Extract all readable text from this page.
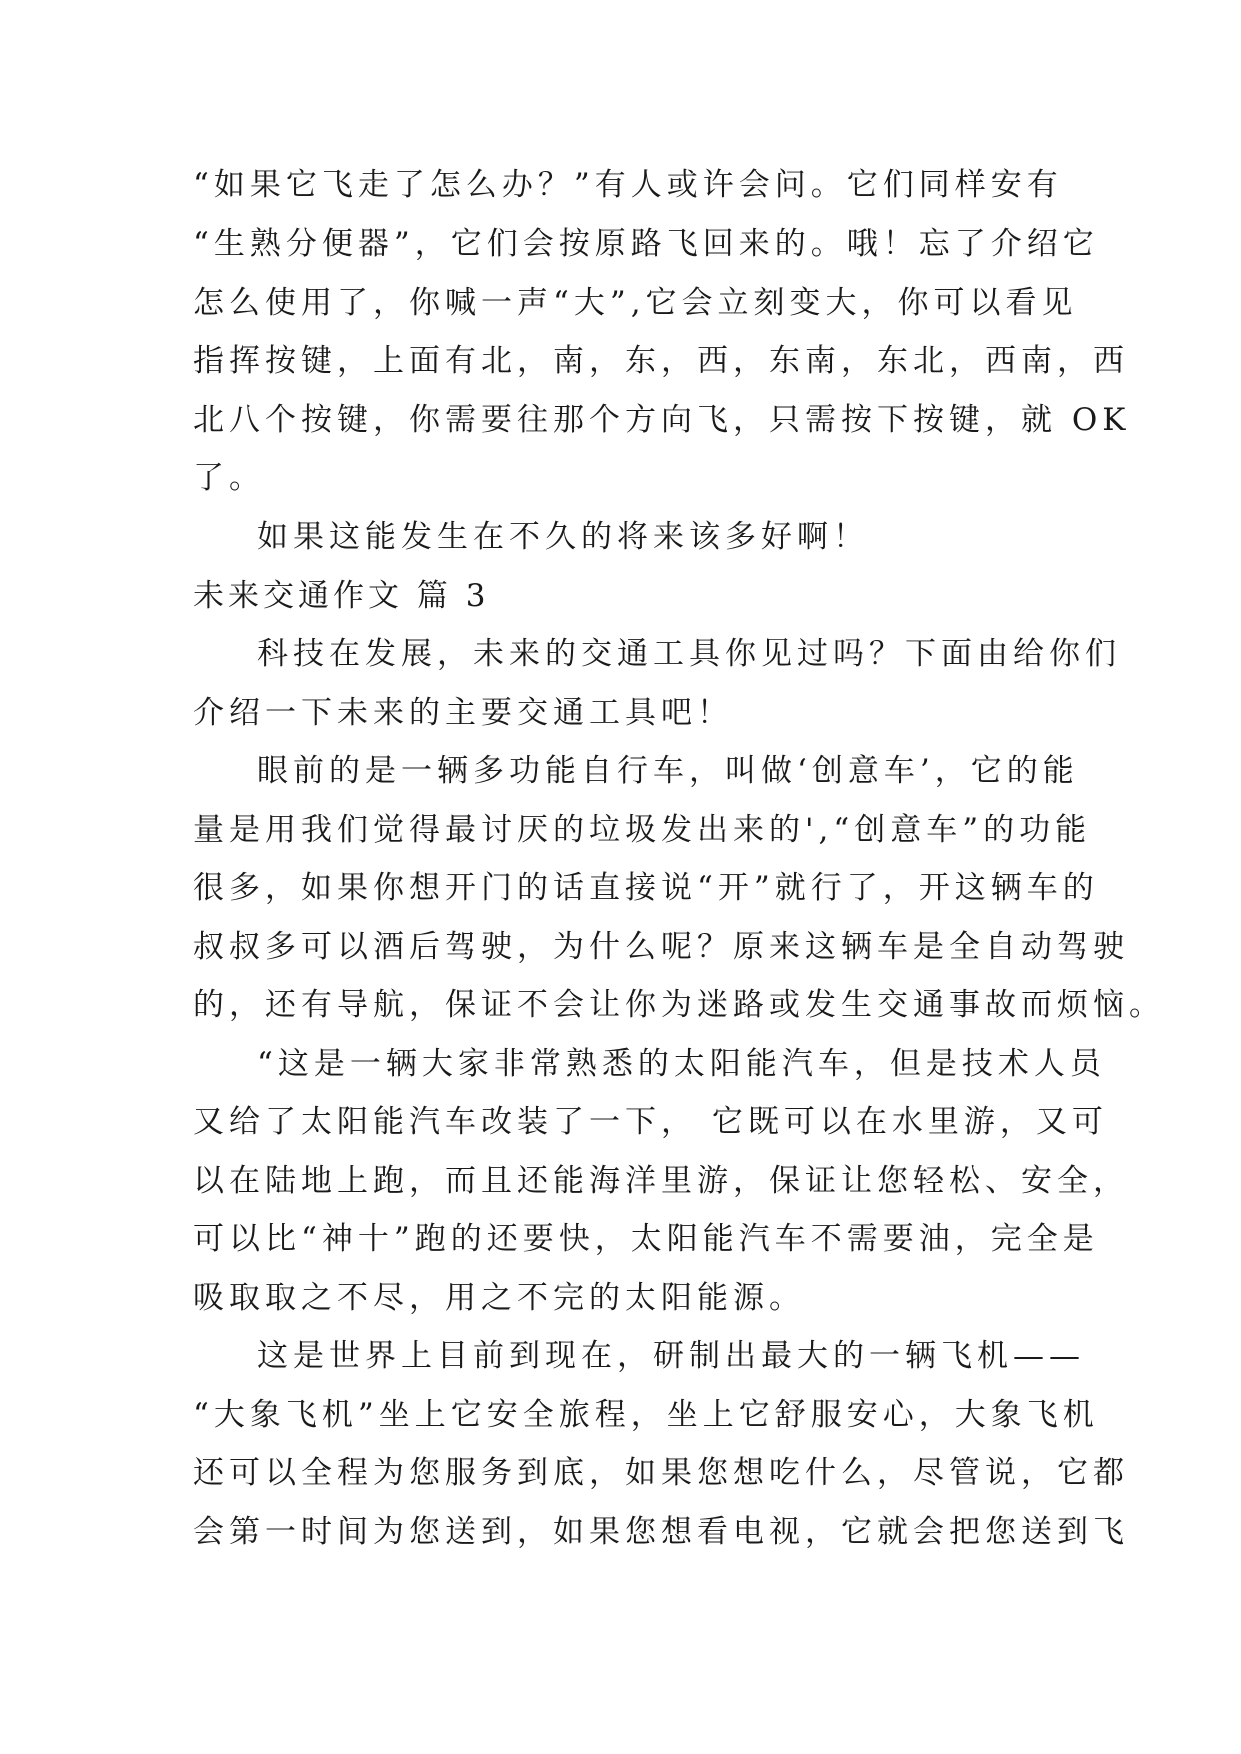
“如果它飞走了怎么办？”有人或许会问。它们同样安有
“生熟分便器”，它们会按原路飞回来的。哦！忘了介绍它
怎么使用了，你喊一声“大”,它会立刻变大，你可以看见
指挥按键，上面有北，南，东，西，东南，东北，西南，西
北八个按键，你需要往那个方向飞，只需按下按键，就 OK
了。
如果这能发生在不久的将来该多好啊！
未来交通作文 篇 3
科技在发展，未来的交通工具你见过吗？下面由给你们
介绍一下未来的主要交通工具吧！
眼前的是一辆多功能自行车，叫做‘创意车’，它的能
量是用我们觉得最讨厌的垃圾发出来的',“创意车”的功能
很多，如果你想开门的话直接说“开”就行了，开这辆车的
叔叔多可以酒后驾驶，为什么呢？原来这辆车是全自动驾驶
的，还有导航，保证不会让你为迷路或发生交通事故而烦恼。
“这是一辆大家非常熟悉的太阳能汽车，但是技术人员
又给了太阳能汽车改装了一下， 它既可以在水里游，又可
以在陆地上跑，而且还能海洋里游，保证让您轻松、安全，
可以比“神十”跑的还要快，太阳能汽车不需要油，完全是
吸取取之不尽，用之不完的太阳能源。
这是世界上目前到现在，研制出最大的一辆飞机——
“大象飞机”坐上它安全旅程，坐上它舒服安心，大象飞机
还可以全程为您服务到底，如果您想吃什么，尽管说，它都
会第一时间为您送到，如果您想看电视，它就会把您送到飞
